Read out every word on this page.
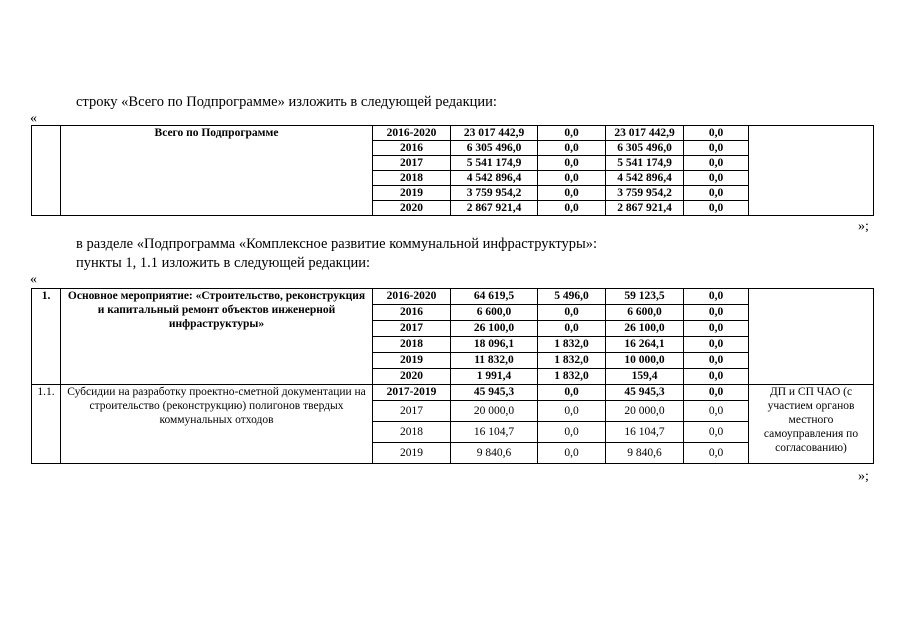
строку «Всего по Подпрограмме» изложить в следующей редакции:
«
	Всего по Подпрограмме	2016-2020	23 017 442,9	0,0	23 017 442,9	0,0	
		2016	6 305 496,0	0,0	6 305 496,0	0,0	
		2017	5 541 174,9	0,0	5 541 174,9	0,0	
		2018	4 542 896,4	0,0	4 542 896,4	0,0	
		2019	3 759 954,2	0,0	3 759 954,2	0,0	
		2020	2 867 921,4	0,0	2 867 921,4	0,0	
»;
в разделе «Подпрограмма «Комплексное развитие коммунальной инфраструктуры»:
пункты 1, 1.1 изложить в следующей редакции:
«
1.	Основное мероприятие: «Строительство, реконструкция и капитальный ремонт объектов инженерной инфраструктуры»	2016-2020	64 619,5	5 496,0	59 123,5	0,0	
		2016	6 600,0	0,0	6 600,0	0,0	
		2017	26 100,0	0,0	26 100,0	0,0	
		2018	18 096,1	1 832,0	16 264,1	0,0	
		2019	11 832,0	1 832,0	10 000,0	0,0	
		2020	1 991,4	1 832,0	159,4	0,0	
1.1.	Субсидии на разработку проектно-сметной документации на строительство (реконструкцию) полигонов твердых коммунальных отходов	2017-2019	45 945,3	0,0	45 945,3	0,0	ДП и СП ЧАО (с участием органов местного самоуправления по согласованию)
		2017	20 000,0	0,0	20 000,0	0,0	
		2018	16 104,7	0,0	16 104,7	0,0	
		2019	9 840,6	0,0	9 840,6	0,0	
»;
